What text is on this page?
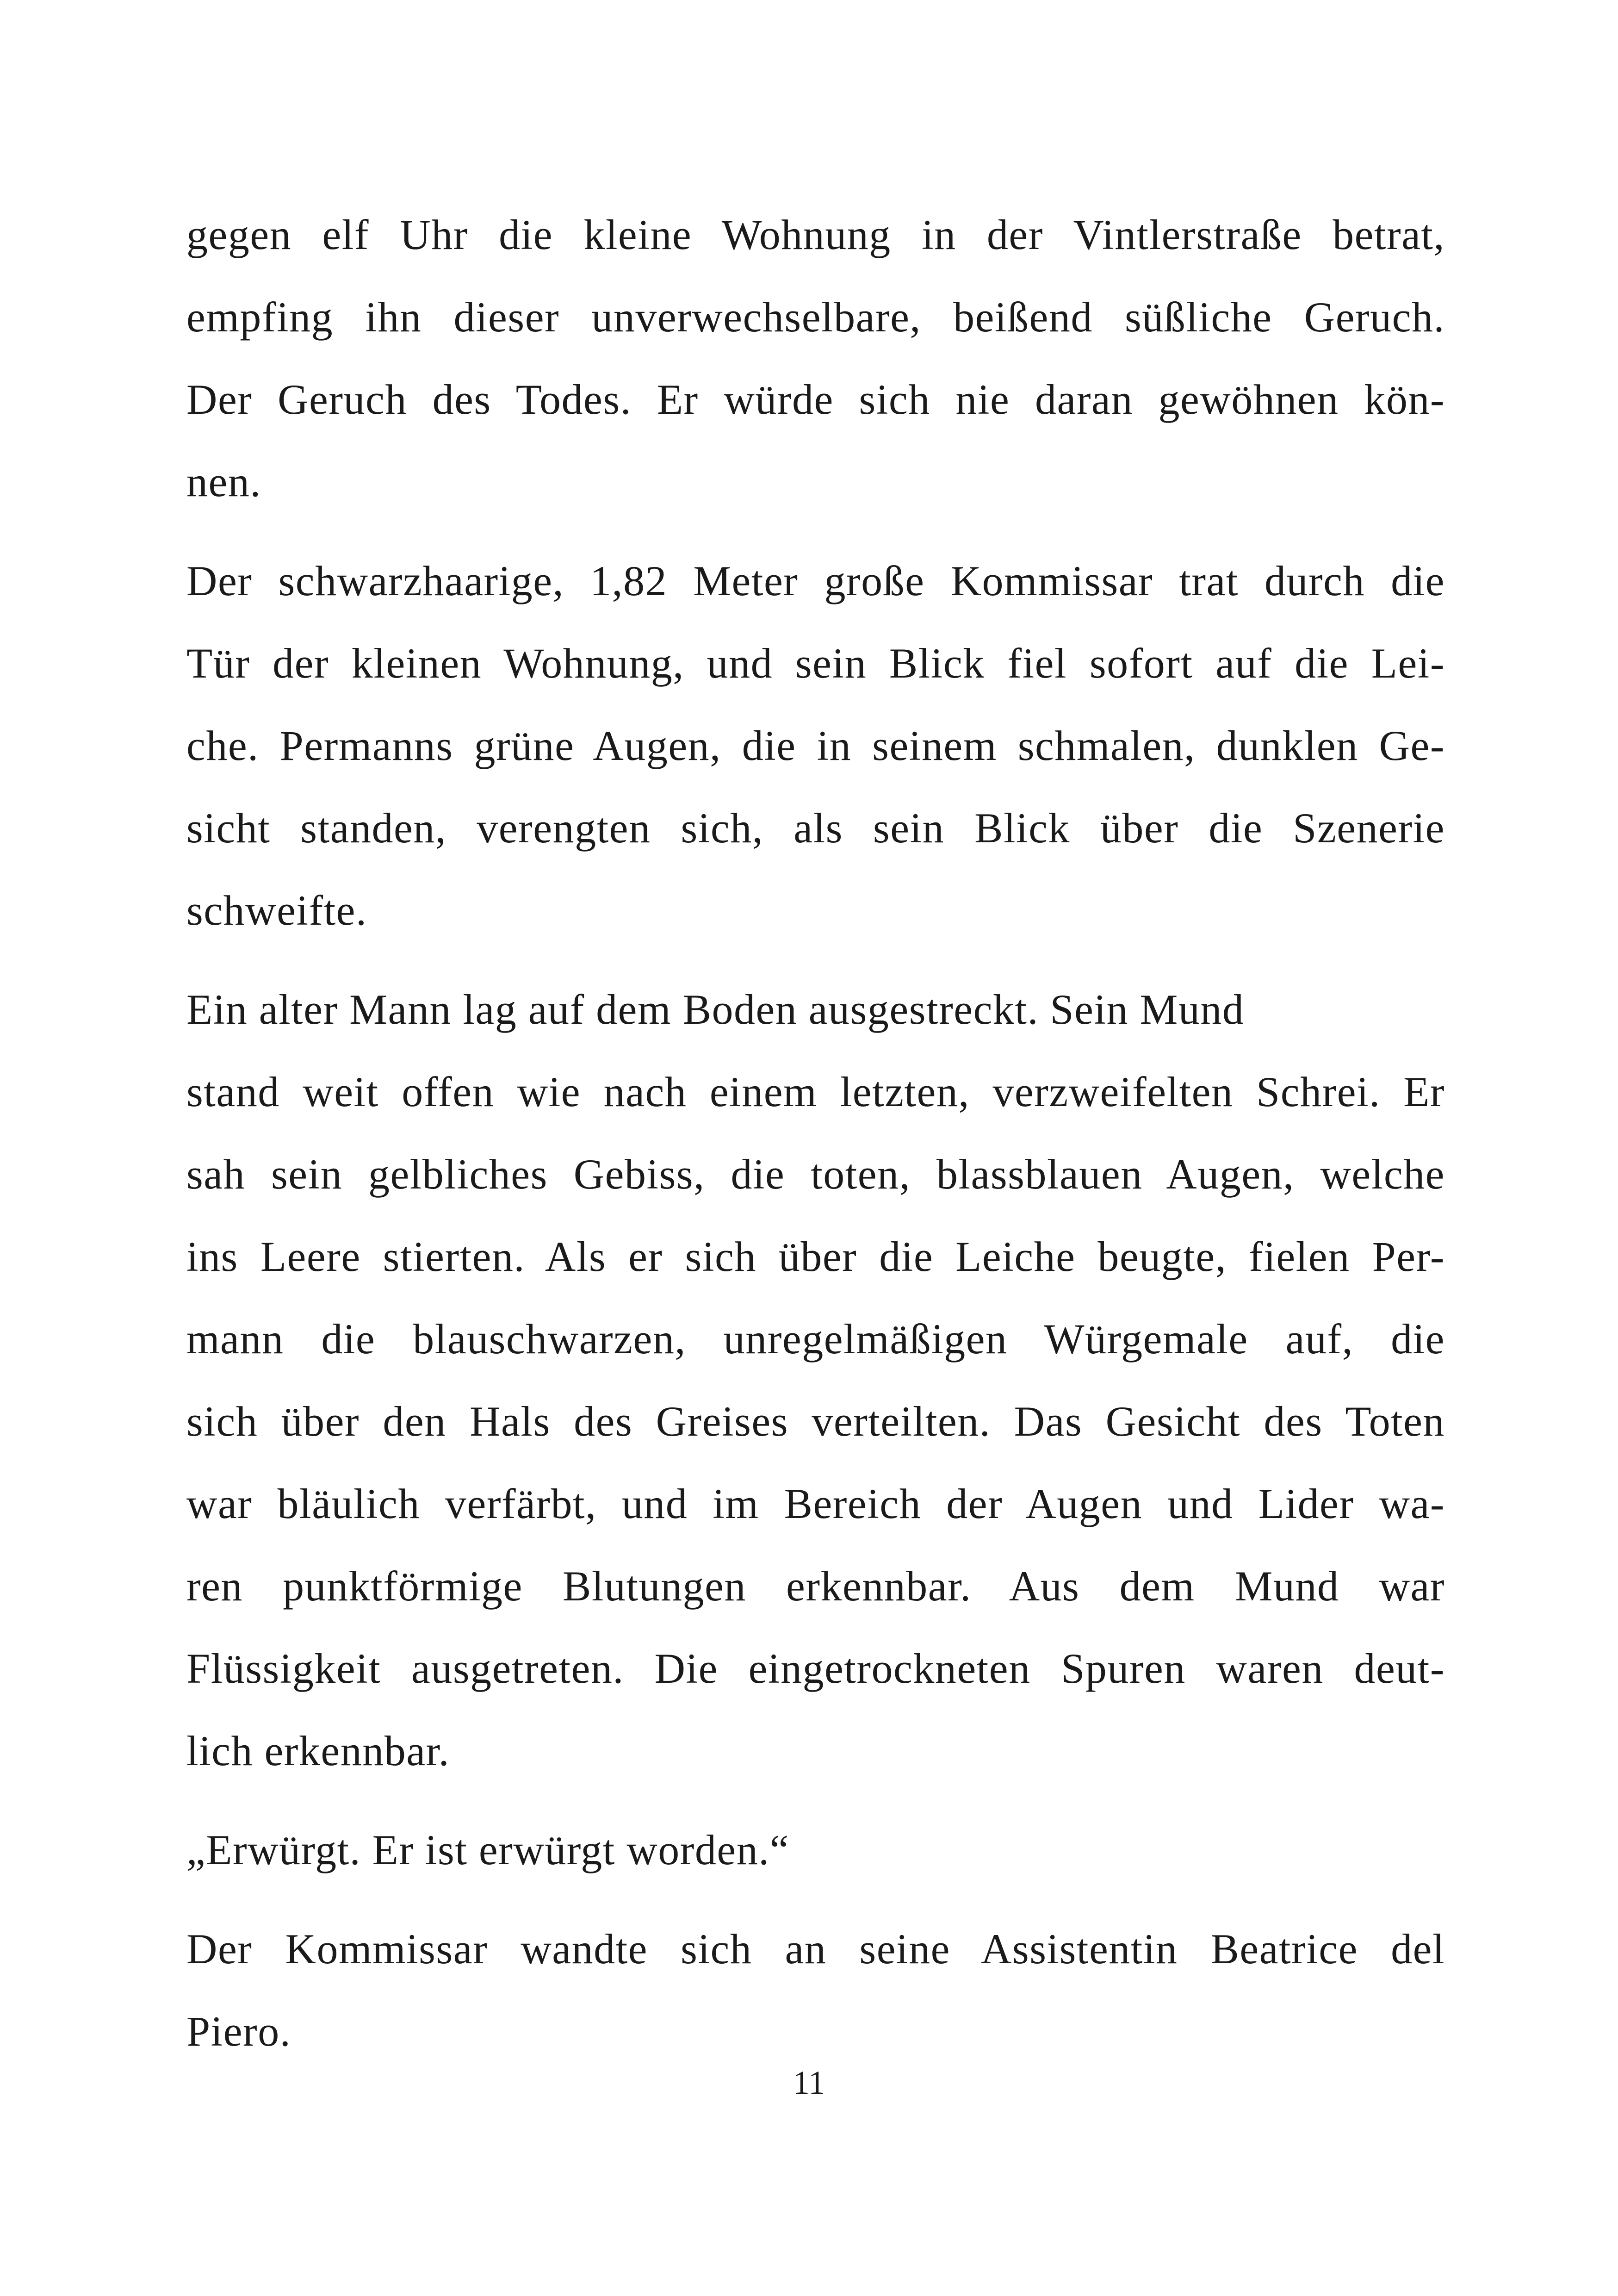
gegen elf Uhr die kleine Wohnung in der Vintlerstraße betrat,
empfing ihn dieser unverwechselbare, beißend süßliche Geruch.
Der Geruch des Todes. Er würde sich nie daran gewöhnen kön-
nen.
Der schwarzhaarige, 1,82 Meter große Kommissar trat durch die
Tür der kleinen Wohnung, und sein Blick fiel sofort auf die Lei-
che. Permanns grüne Augen, die in seinem schmalen, dunklen Ge-
sicht standen, verengten sich, als sein Blick über die Szenerie
schweifte.
Ein alter Mann lag auf dem Boden ausgestreckt. Sein Mund
stand weit offen wie nach einem letzten, verzweifelten Schrei. Er
sah sein gelbliches Gebiss, die toten, blassblauen Augen, welche
ins Leere stierten. Als er sich über die Leiche beugte, fielen Per-
mann die blauschwarzen, unregelmäßigen Würgemale auf, die
sich über den Hals des Greises verteilten. Das Gesicht des Toten
war bläulich verfärbt, und im Bereich der Augen und Lider wa-
ren punktförmige Blutungen erkennbar. Aus dem Mund war
Flüssigkeit ausgetreten. Die eingetrockneten Spuren waren deut-
lich erkennbar.
„Erwürgt. Er ist erwürgt worden.“
Der Kommissar wandte sich an seine Assistentin Beatrice del
Piero.
11
